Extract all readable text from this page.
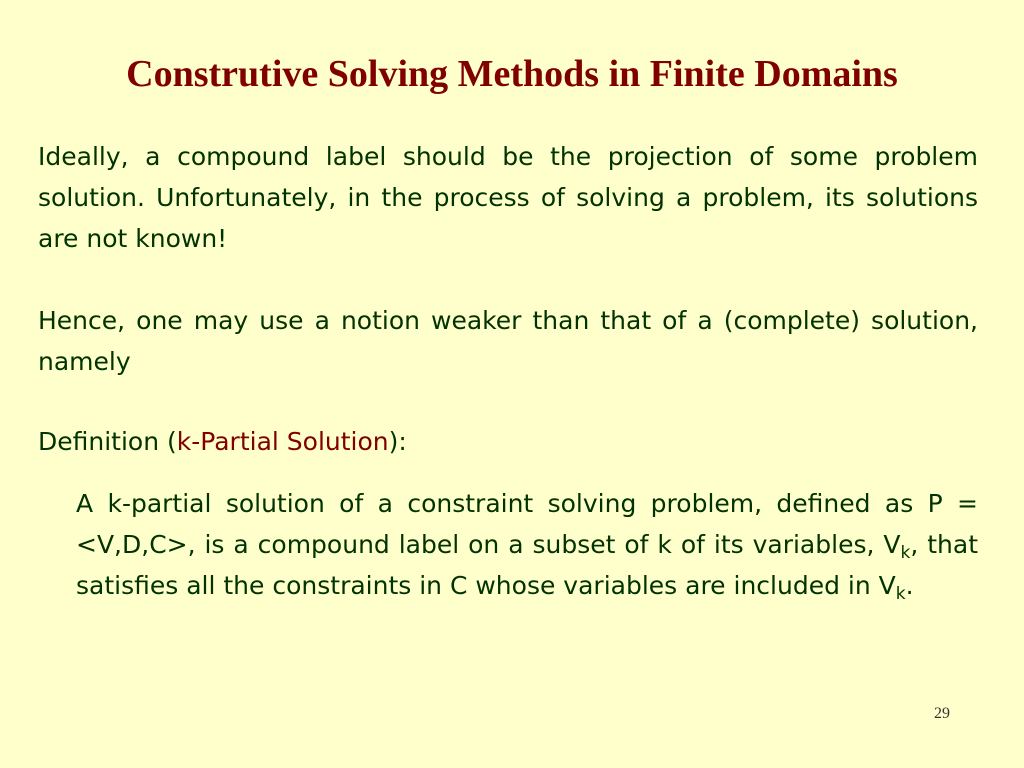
Construtive Solving Methods in Finite Domains

Ideally, a compound label should be the projection of some problem solution. Unfortunately, in the process of solving a problem, its solutions are not known!

Hence, one may use a notion weaker than that of a (complete) solution, namely

Definition (k-Partial Solution):

A k-partial solution of a constraint solving problem, defined as P = <V,D,C>, is a compound label on a subset of k of its variables, $V_k$, that satisfies all the constraints in C whose variables are included in $V_k$.

29
